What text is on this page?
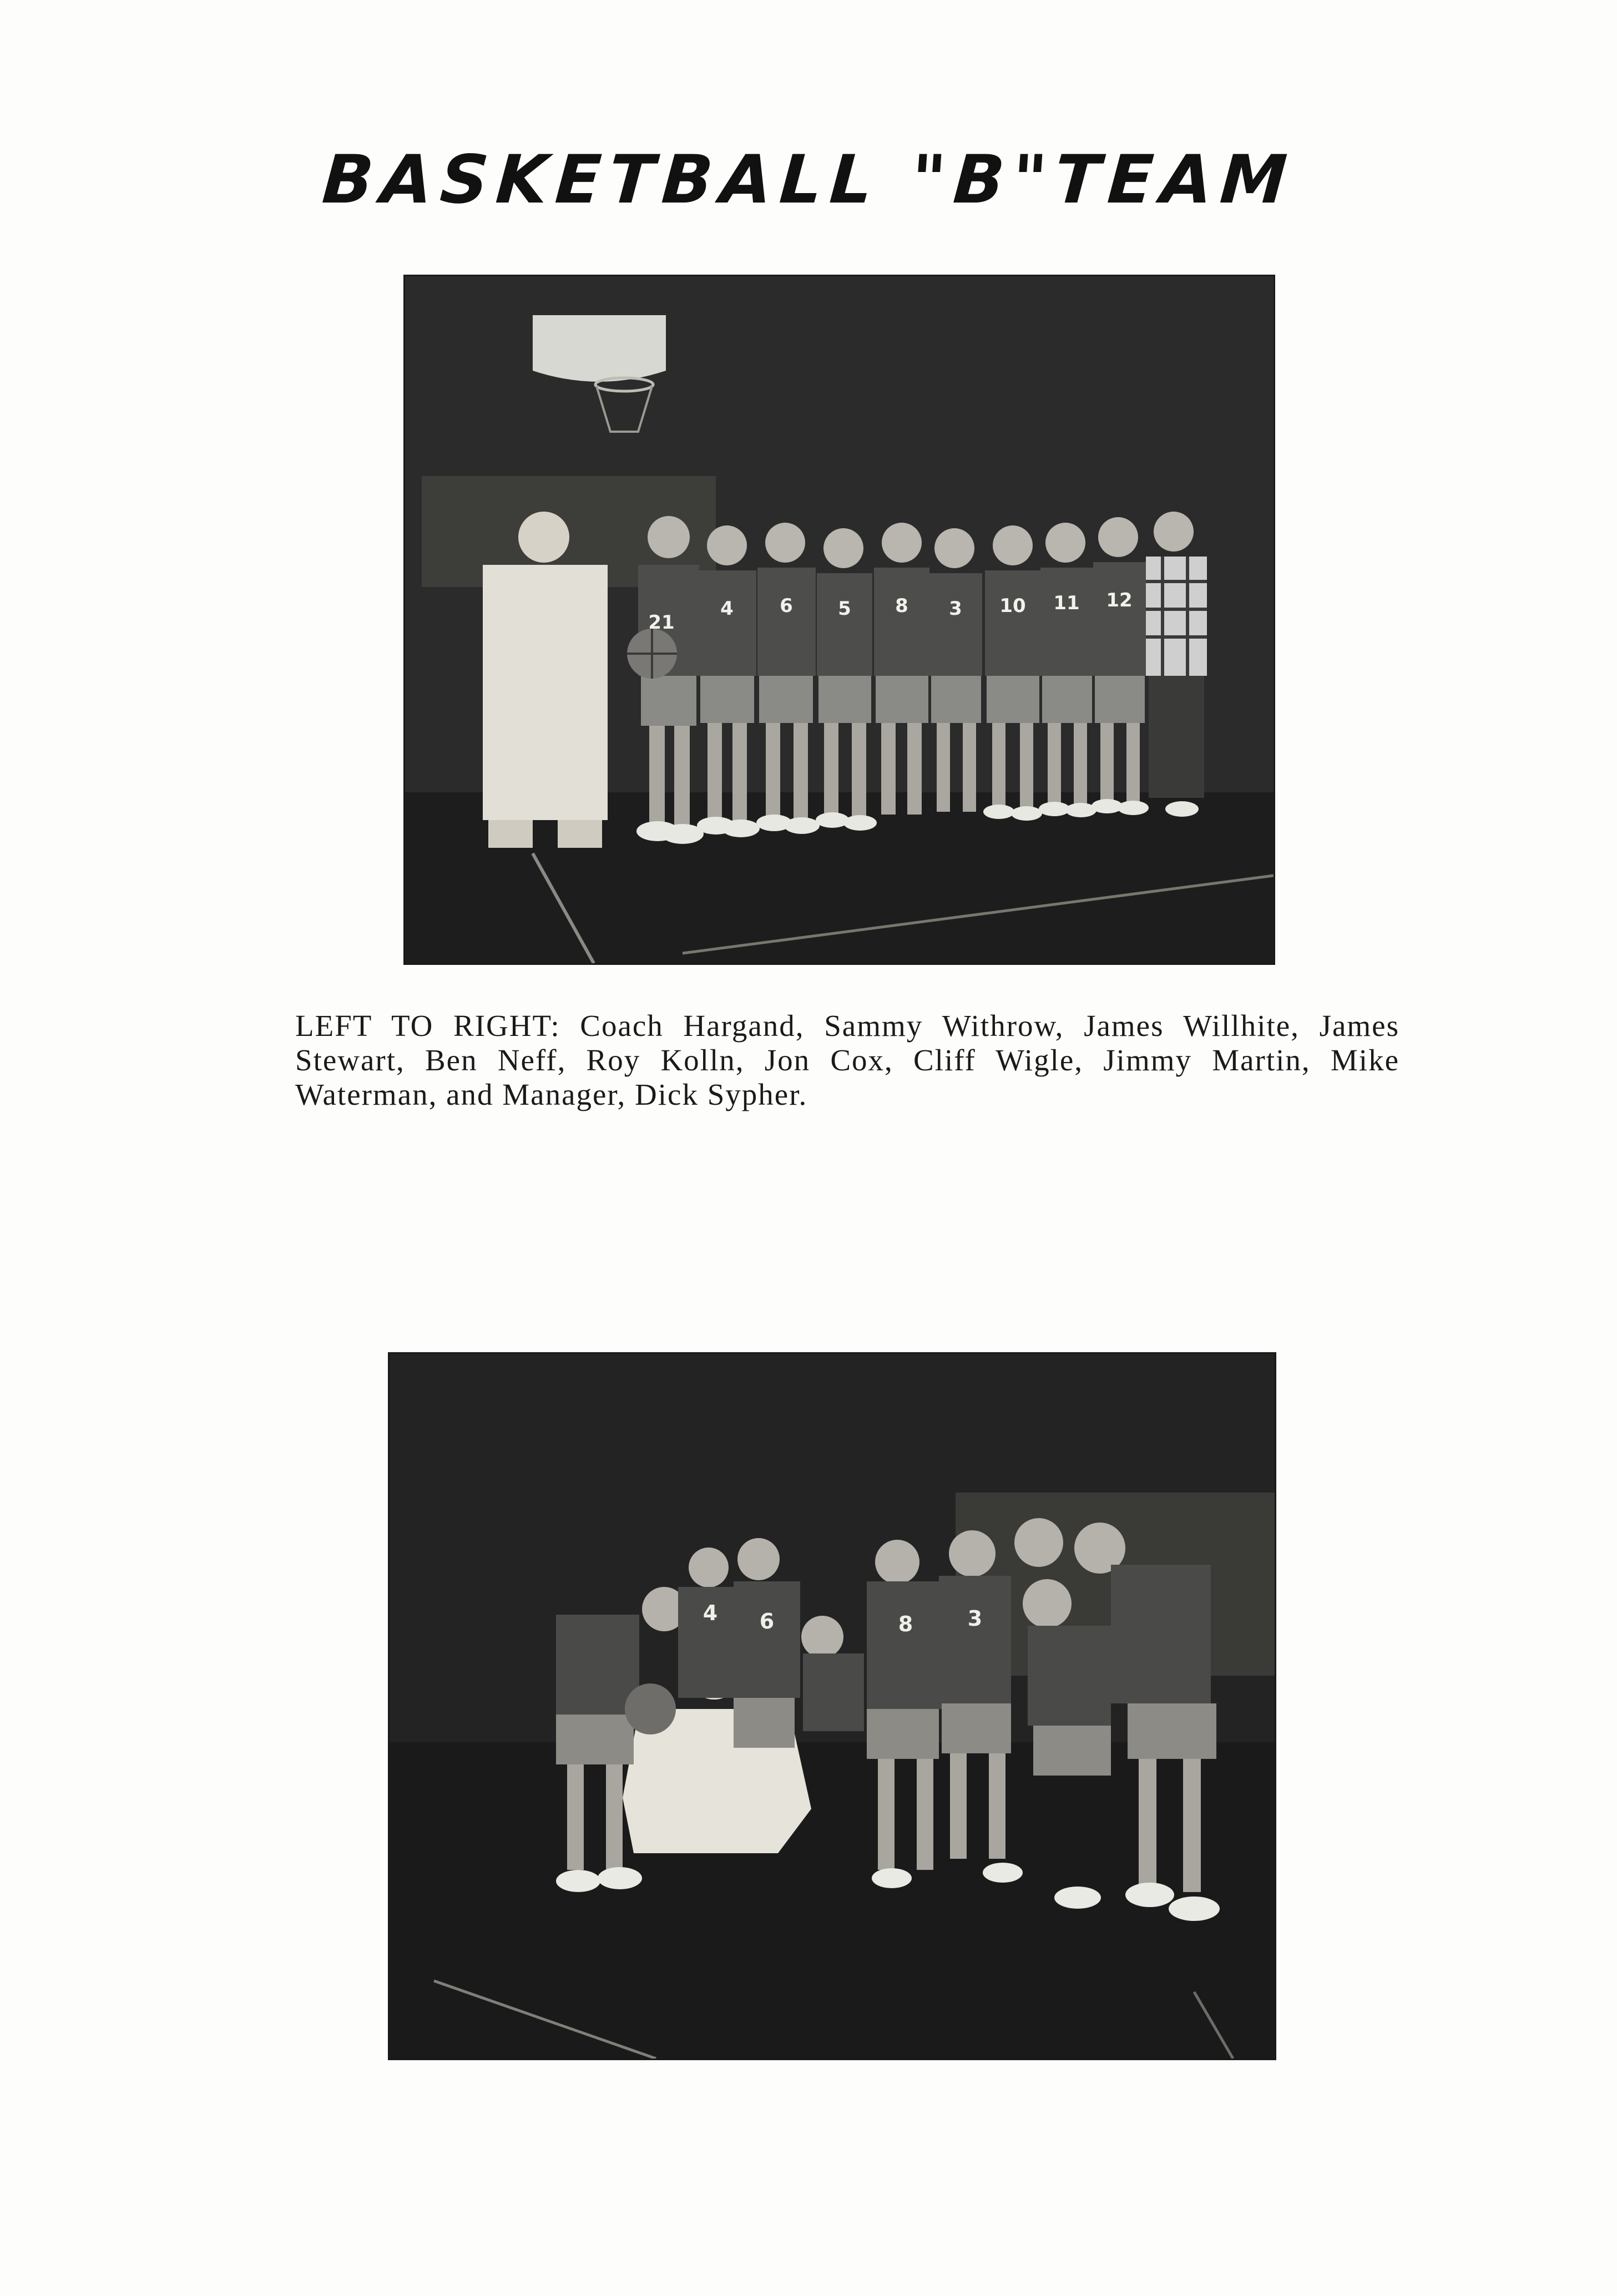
BASKETBALL "B"TEAM
21
4 6 5 8 3 10 11 12
LEFT TO RIGHT: Coach Hargand, Sammy Withrow, James Willhite, James Stewart, Ben Neff, Roy Kolln, Jon Cox, Cliff Wigle, Jimmy Martin, Mike Waterman, and Manager, Dick Sypher.
4 6	8	3
